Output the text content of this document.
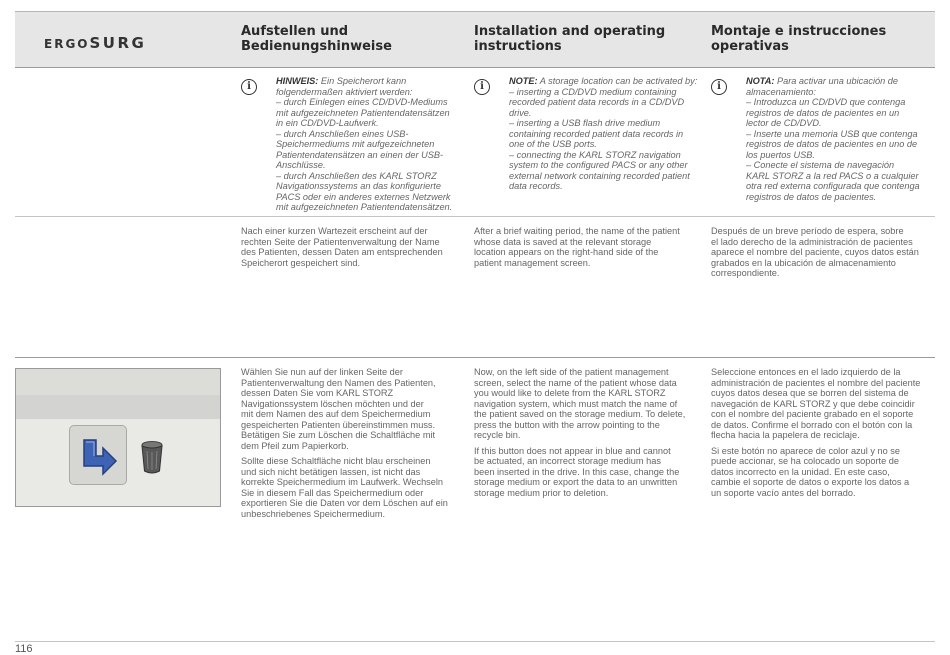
ERGOSURG
Aufstellen und
Bedienungshinweise
Installation and operating
instructions
Montaje e instrucciones
operativas
i	HINWEIS: Ein Speicherort kann
folgendermaßen aktiviert werden:
– durch Einlegen eines CD/DVD-Mediums
mit aufgezeichneten Patientendatensätzen
in ein CD/DVD-Laufwerk.
– durch Anschließen eines USB-
Speichermediums mit aufgezeichneten
Patientendatensätzen an einen der USB-
Anschlüsse.
– durch Anschließen des KARL STORZ
Navigationssystems an das konfigurierte
PACS oder ein anderes externes Netzwerk
mit aufgezeichneten Patientendatensätzen.
i	NOTE: A storage location can be activated by:
– inserting a CD/DVD medium containing
recorded patient data records in a CD/DVD
drive.
– inserting a USB flash drive medium
containing recorded patient data records in
one of the USB ports.
– connecting the KARL STORZ navigation
system to the configured PACS or any other
external network containing recorded patient
data records.
i	NOTA: Para activar una ubicación de
almacenamiento:
– Introduzca un CD/DVD que contenga
registros de datos de pacientes en un
lector de CD/DVD.
– Inserte una memoria USB que contenga
registros de datos de pacientes en uno de
los puertos USB.
– Conecte el sistema de navegación
KARL STORZ a la red PACS o a cualquier
otra red externa configurada que contenga
registros de datos de pacientes.
Nach einer kurzen Wartezeit erscheint auf der
rechten Seite der Patientenverwaltung der Name
des Patienten, dessen Daten am entsprechenden
Speicherort gespeichert sind.
After a brief waiting period, the name of the patient
whose data is saved at the relevant storage
location appears on the right-hand side of the
patient management screen.
Después de un breve período de espera, sobre
el lado derecho de la administración de pacientes
aparece el nombre del paciente, cuyos datos están
grabados en la ubicación de almacenamiento
correspondiente.
Wählen Sie nun auf der linken Seite der
Patientenverwaltung den Namen des Patienten,
dessen Daten Sie vom KARL STORZ
Navigationssystem löschen möchten und der
mit dem Namen des auf dem Speichermedium
gespeicherten Patienten übereinstimmen muss.
Betätigen Sie zum Löschen die Schaltfläche mit
dem Pfeil zum Papierkorb.
Sollte diese Schaltfläche nicht blau erscheinen
und sich nicht betätigen lassen, ist nicht das
korrekte Speichermedium im Laufwerk. Wechseln
Sie in diesem Fall das Speichermedium oder
exportieren Sie die Daten vor dem Löschen auf ein
unbeschriebenes Speichermedium.
Now, on the left side of the patient management
screen, select the name of the patient whose data
you would like to delete from the KARL STORZ
navigation system, which must match the name of
the patient saved on the storage medium. To delete,
press the button with the arrow pointing to the
recycle bin.
If this button does not appear in blue and cannot
be actuated, an incorrect storage medium has
been inserted in the drive. In this case, change the
storage medium or export the data to an unwritten
storage medium prior to deletion.
Seleccione entonces en el lado izquierdo de la
administración de pacientes el nombre del paciente
cuyos datos desea que se borren del sistema de
navegación de KARL STORZ y que debe coincidir
con el nombre del paciente grabado en el soporte
de datos. Confirme el borrado con el botón con la
flecha hacia la papelera de reciclaje.
Si este botón no aparece de color azul y no se
puede accionar, se ha colocado un soporte de
datos incorrecto en la unidad. En este caso,
cambie el soporte de datos o exporte los datos a
un soporte vacío antes del borrado.
116
